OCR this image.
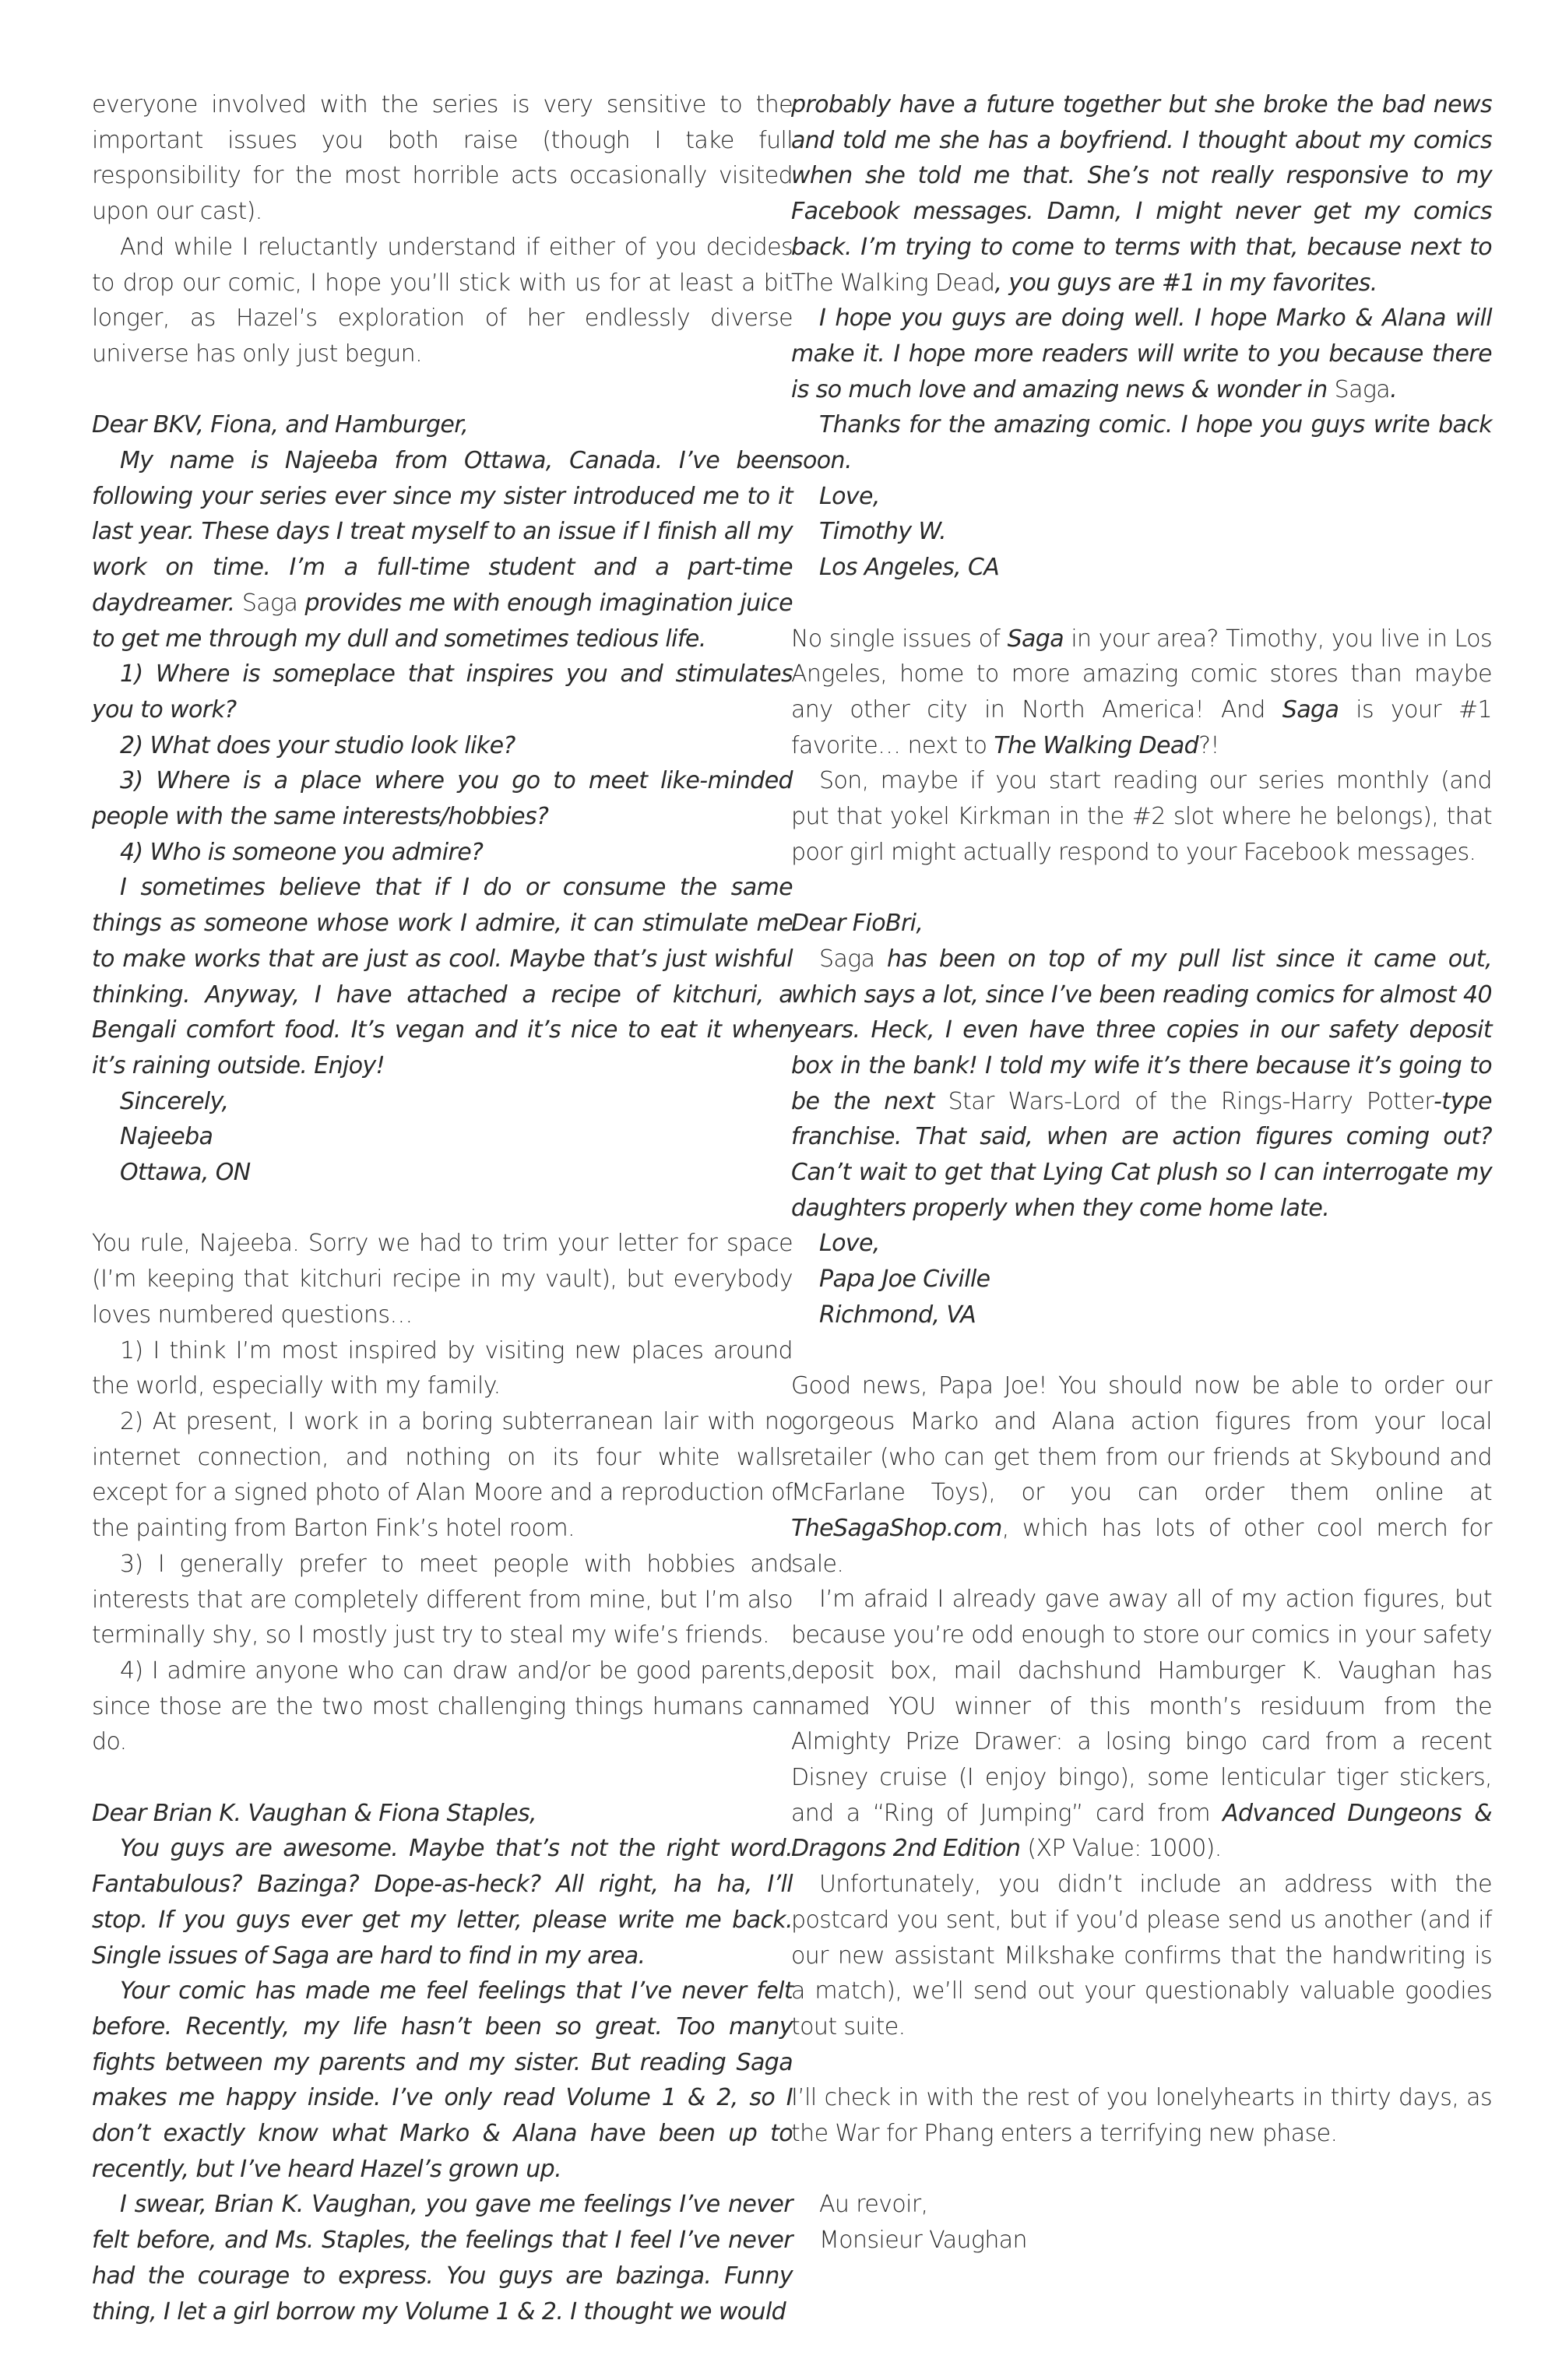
everyone involved with the series is very sensitive to the important issues you both raise (though I take full responsibility for the most horrible acts occasionally visited upon our cast).

And while I reluctantly understand if either of you decides to drop our comic, I hope you’ll stick with us for at least a bit longer, as Hazel’s exploration of her endlessly diverse universe has only just begun.

Dear BKV, Fiona, and Hamburger,

My name is Najeeba from Ottawa, Canada. I’ve been following your series ever since my sister introduced me to it last year. These days I treat myself to an issue if I finish all my work on time. I’m a full-time student and a part-time daydreamer. Saga provides me with enough imagination juice to get me through my dull and sometimes tedious life.

1) Where is someplace that inspires you and stimulates you to work?

2) What does your studio look like?

3) Where is a place where you go to meet like-minded people with the same interests/hobbies?

4) Who is someone you admire?

I sometimes believe that if I do or consume the same things as someone whose work I admire, it can stimulate me to make works that are just as cool. Maybe that’s just wishful thinking. Anyway, I have attached a recipe of kitchuri, a Bengali comfort food. It’s vegan and it’s nice to eat it when it’s raining outside. Enjoy!

Sincerely,

Najeeba

Ottawa, ON

You rule, Najeeba. Sorry we had to trim your letter for space (I’m keeping that kitchuri recipe in my vault), but everybody loves numbered questions…

1) I think I’m most inspired by visiting new places around the world, especially with my family.

2) At present, I work in a boring subterranean lair with no internet connection, and nothing on its four white walls except for a signed photo of Alan Moore and a reproduction of the painting from Barton Fink’s hotel room.

3) I generally prefer to meet people with hobbies and interests that are completely different from mine, but I’m also terminally shy, so I mostly just try to steal my wife’s friends.

4) I admire anyone who can draw and/or be good parents, since those are the two most challenging things humans can do.

Dear Brian K. Vaughan & Fiona Staples,

You guys are awesome. Maybe that’s not the right word. Fantabulous? Bazinga? Dope-as-heck? All right, ha ha, I’ll stop. If you guys ever get my letter, please write me back. Single issues of Saga are hard to find in my area.

Your comic has made me feel feelings that I’ve never felt before. Recently, my life hasn’t been so great. Too many fights between my parents and my sister. But reading Saga makes me happy inside. I’ve only read Volume 1 & 2, so I don’t exactly know what Marko & Alana have been up to recently, but I’ve heard Hazel’s grown up.

I swear, Brian K. Vaughan, you gave me feelings I’ve never felt before, and Ms. Staples, the feelings that I feel I’ve never had the courage to express. You guys are bazinga. Funny thing, I let a girl borrow my Volume 1 & 2. I thought we would

probably have a future together but she broke the bad news and told me she has a boyfriend. I thought about my comics when she told me that. She’s not really responsive to my Facebook messages. Damn, I might never get my comics back. I’m trying to come to terms with that, because next to The Walking Dead, you guys are #1 in my favorites.

I hope you guys are doing well. I hope Marko & Alana will make it. I hope more readers will write to you because there is so much love and amazing news & wonder in Saga.

Thanks for the amazing comic. I hope you guys write back soon.

Love,

Timothy W.

Los Angeles, CA

No single issues of Saga in your area? Timothy, you live in Los Angeles, home to more amazing comic stores than maybe any other city in North America! And Saga is your #1 favorite… next to The Walking Dead?!

Son, maybe if you start reading our series monthly (and put that yokel Kirkman in the #2 slot where he belongs), that poor girl might actually respond to your Facebook messages.

Dear FioBri,

Saga has been on top of my pull list since it came out, which says a lot, since I’ve been reading comics for almost 40 years. Heck, I even have three copies in our safety deposit box in the bank! I told my wife it’s there because it’s going to be the next Star Wars-Lord of the Rings-Harry Potter-type franchise. That said, when are action figures coming out? Can’t wait to get that Lying Cat plush so I can interrogate my daughters properly when they come home late.

Love,

Papa Joe Civille

Richmond, VA

Good news, Papa Joe! You should now be able to order our gorgeous Marko and Alana action figures from your local retailer (who can get them from our friends at Skybound and McFarlane Toys), or you can order them online at TheSagaShop.com, which has lots of other cool merch for sale.

I’m afraid I already gave away all of my action figures, but because you’re odd enough to store our comics in your safety deposit box, mail dachshund Hamburger K. Vaughan has named YOU winner of this month’s residuum from the Almighty Prize Drawer: a losing bingo card from a recent Disney cruise (I enjoy bingo), some lenticular tiger stickers, and a “Ring of Jumping” card from Advanced Dungeons & Dragons 2nd Edition (XP Value: 1000).

Unfortunately, you didn’t include an address with the postcard you sent, but if you’d please send us another (and if our new assistant Milkshake confirms that the handwriting is a match), we’ll send out your questionably valuable goodies tout suite.

I’ll check in with the rest of you lonelyhearts in thirty days, as the War for Phang enters a terrifying new phase.

Au revoir,

Monsieur Vaughan
